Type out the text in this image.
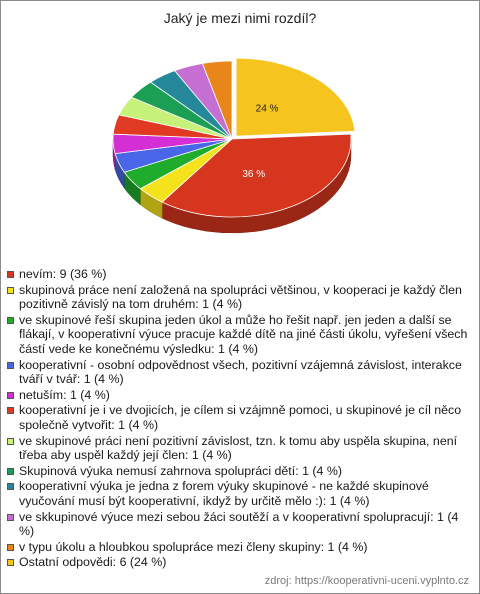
Jaký je mezi nimi rozdíl?
24 %
36 %
nevím: 9 (36 %)
skupinová práce není založená na spolupráci většinou, v kooperaci je každý člen pozitivně závislý na tom druhém: 1 (4 %)
ve skupinové řeší skupina jeden úkol a může ho řešit např. jen jeden a další se flákají, v kooperativní výuce pracuje každé dítě na jiné části úkolu, vyřešení všech částí vede ke konečnému výsledku: 1 (4 %)
kooperativní - osobní odpovědnost všech, pozitivní vzájemná závislost, interakce tváří v tvář: 1 (4 %)
netuším: 1 (4 %)
kooperativní je i ve dvojicích, je cílem si vzájmně pomoci, u skupinové je cíl něco společně vytvořit: 1 (4 %)
ve skupinové práci není pozitivní závislost, tzn. k tomu aby uspěla skupina, není třeba aby uspěl každý její člen: 1 (4 %)
Skupinová výuka nemusí zahrnova spolupráci dětí: 1 (4 %)
kooperativní výuka je jedna z forem výuky skupinové - ne každé skupinové vyučování musí být kooperativní, ikdyž by určitě mělo :): 1 (4 %)
ve skkupinové výuce mezi sebou žáci soutěží a v kooperativní spolupracují: 1 (4 %)
v typu úkolu a hloubkou spolupráce mezi členy skupiny: 1 (4 %)
Ostatní odpovědi: 6 (24 %)
zdroj: https://kooperativni-uceni.vyplnto.cz
